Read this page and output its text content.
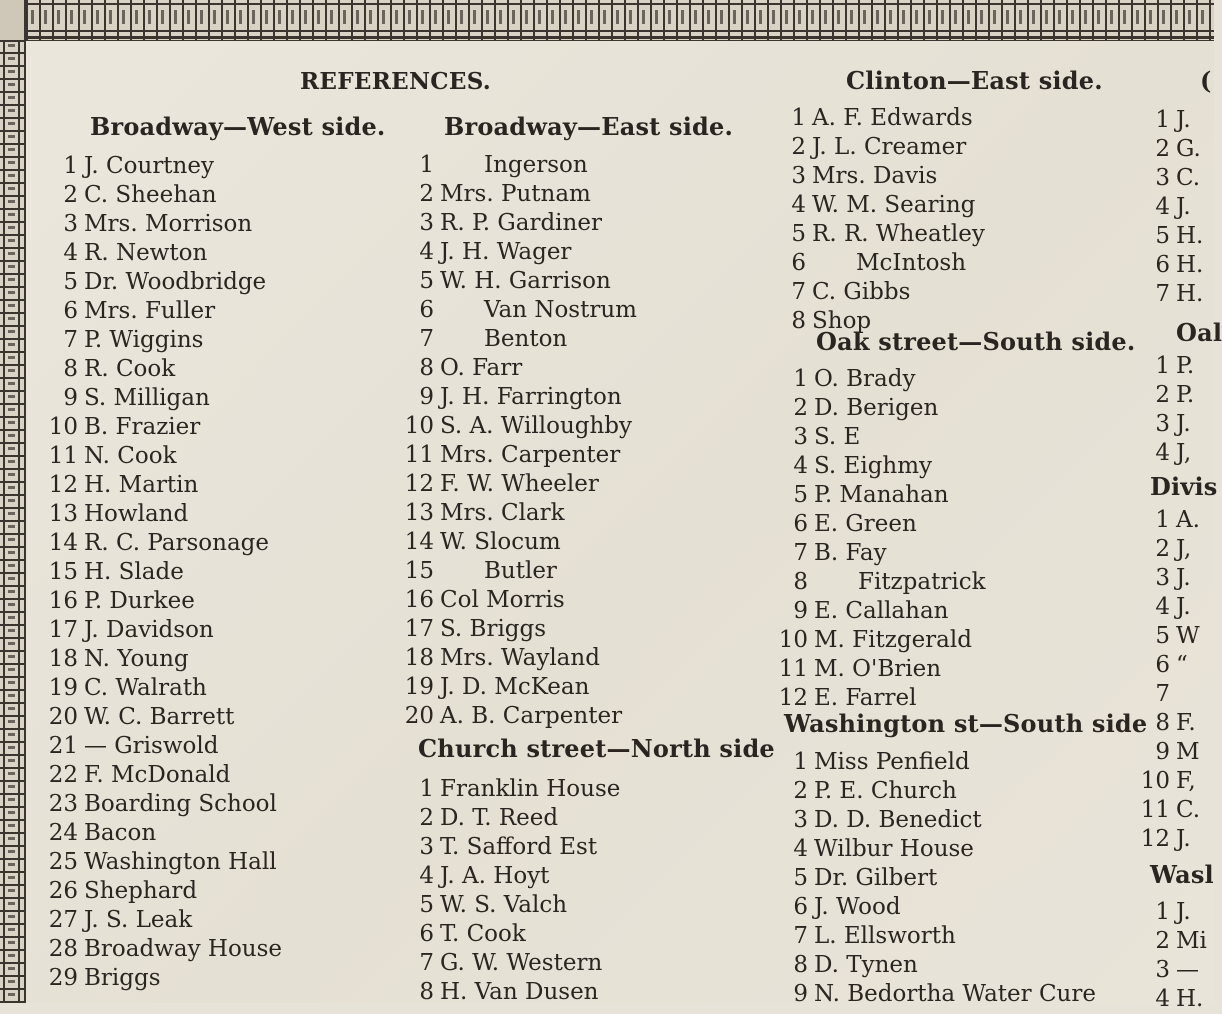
REFERENCES.
Broadway—West side.
1 J. Courtney
2 C. Sheehan
3 Mrs. Morrison
4 R. Newton
5 Dr. Woodbridge
6 Mrs. Fuller
7 P. Wiggins
8 R. Cook
9 S. Milligan
10 B. Frazier
11 N. Cook
12 H. Martin
13 Howland
14 R. C. Parsonage
15 H. Slade
16 P. Durkee
17 J. Davidson
18 N. Young
19 C. Walrath
20 W. C. Barrett
21 — Griswold
22 F. McDonald
23 Boarding School
24 Bacon
25 Washington Hall
26 Shephard
27 J. S. Leak
28 Broadway House
29 Briggs
Broadway—East side.
1 Ingerson
2 Mrs. Putnam
3 R. P. Gardiner
4 J. H. Wager
5 W. H. Garrison
6 Van Nostrum
7 Benton
8 O. Farr
9 J. H. Farrington
10 S. A. Willoughby
11 Mrs. Carpenter
12 F. W. Wheeler
13 Mrs. Clark
14 W. Slocum
15 Butler
16 Col Morris
17 S. Briggs
18 Mrs. Wayland
19 J. D. McKean
20 A. B. Carpenter
Church street—North side
1 Franklin House
2 D. T. Reed
3 T. Safford Est
4 J. A. Hoyt
5 W. S. Valch
6 T. Cook
7 G. W. Western
8 H. Van Dusen
Clinton—East side.
1 A. F. Edwards
2 J. L. Creamer
3 Mrs. Davis
4 W. M. Searing
5 R. R. Wheatley
6 McIntosh
7 C. Gibbs
8 Shop
Oak street—South side.
1 O. Brady
2 D. Berigen
3 S. E
4 S. Eighmy
5 P. Manahan
6 E. Green
7 B. Fay
8 Fitzpatrick
9 E. Callahan
10 M. Fitzgerald
11 M. O'Brien
12 E. Farrel
Washington st—South side
1 Miss Penfield
2 P. E. Church
3 D. D. Benedict
4 Wilbur House
5 Dr. Gilbert
6 J. Wood
7 L. Ellsworth
8 D. Tynen
9 N. Bedortha Water Cure
(
1 J.
2 G.
3 C.
4 J.
5 H.
6 H.
7 H.
Oal
1 P.
2 P.
3 J.
4 J,
Divis
1 A.
2 J,
3 J.
4 J.
5 W
6 “
7
8 F.
9 M
10 F,
11 C.
12 J.
Wasl
1 J.
2 Mi
3 —
4 H.
